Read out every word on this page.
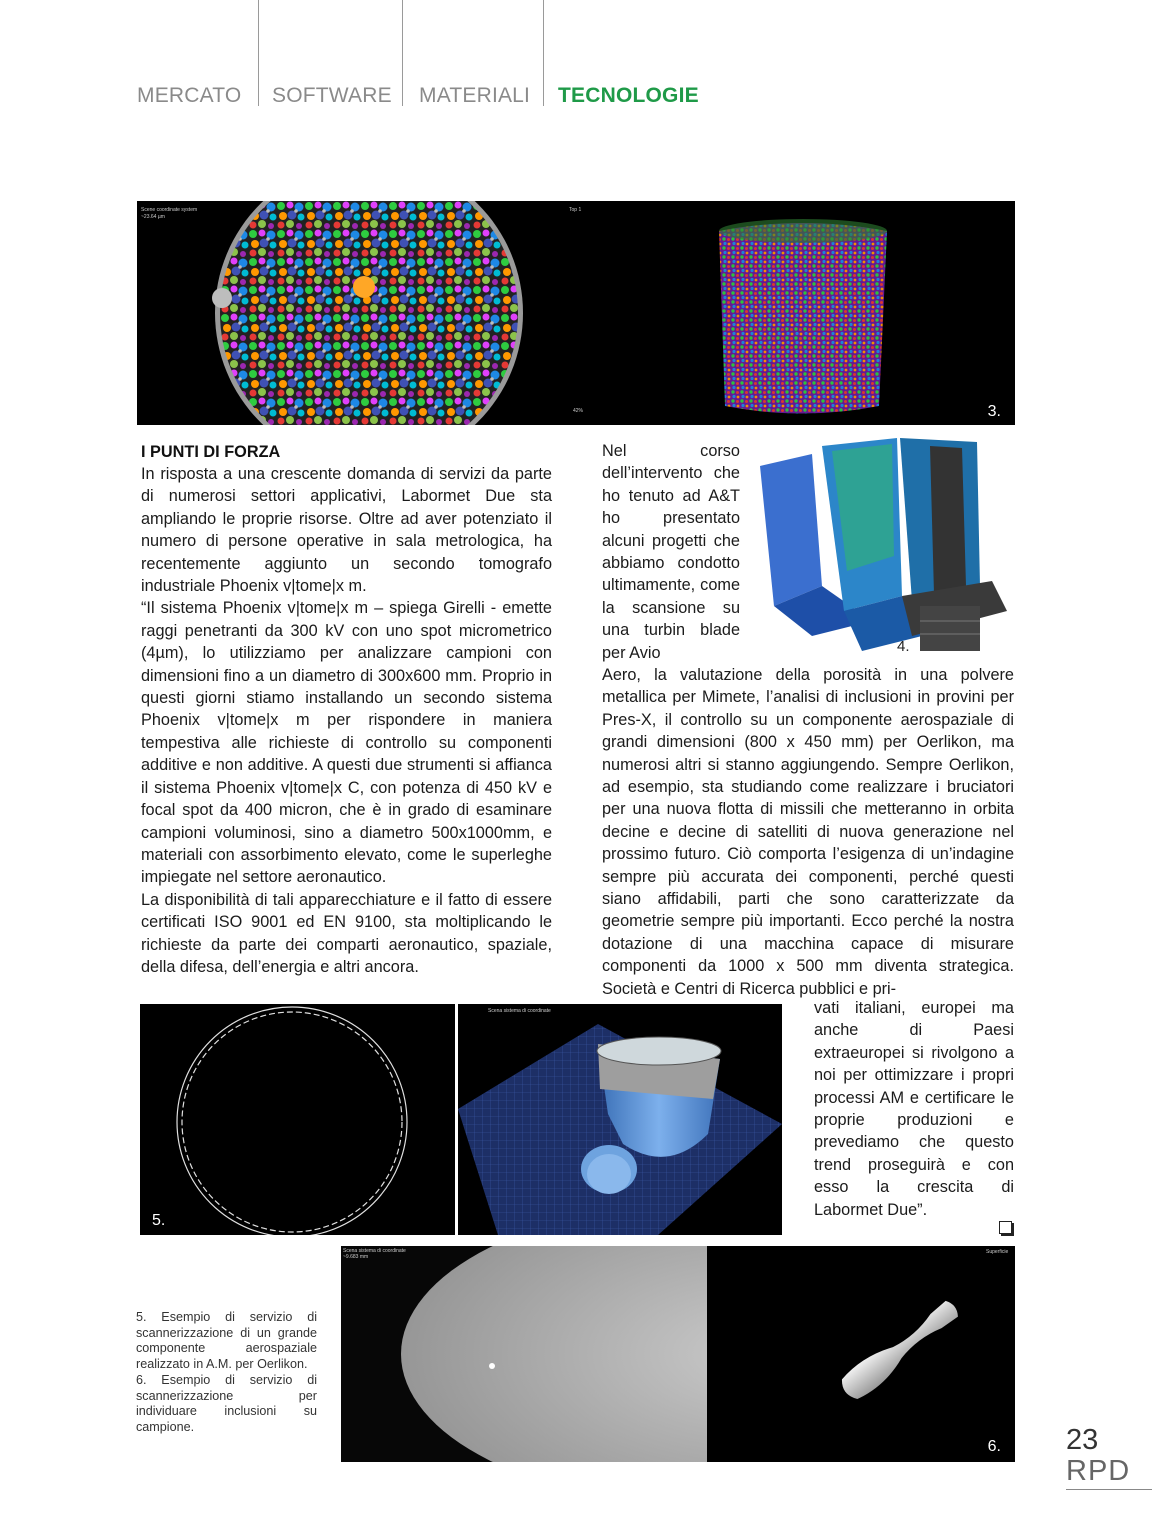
MERCATO SOFTWARE MATERIALI TECNOLOGIE
Scene coordinate system
~23.64 µm
Top 1
42%	3.
I PUNTI DI FORZA

In risposta a una crescente domanda di servizi da parte di numerosi settori applicativi, Labormet Due sta ampliando le proprie risorse. Oltre ad aver potenziato il numero di persone operative in sala metrologica, ha recentemente aggiunto un secondo tomografo industriale Phoenix v|tome|x m.

“Il sistema Phoenix v|tome|x m – spiega Girelli - emette raggi penetranti da 300 kV con uno spot micrometrico (4µm), lo utilizziamo per analizzare campioni con dimensioni fino a un diametro di 300x600 mm. Proprio in questi giorni stiamo installando un secondo sistema Phoenix v|tome|x m per rispondere in maniera tempestiva alle richieste di controllo su componenti additive e non additive. A questi due strumenti si affianca il sistema Phoenix v|tome|x C, con potenza di 450 kV e focal spot da 400 micron, che è in grado di esaminare campioni voluminosi, sino a diametro 500x1000mm, e materiali con assorbimento elevato, come le superleghe impiegate nel settore aeronautico.

La disponibilità di tali apparecchiature e il fatto di essere certificati ISO 9001 ed EN 9100, sta moltiplicando le richieste da parte dei comparti aeronautico, spaziale, della difesa, dell’energia e altri ancora.

Nel corso dell’intervento che ho tenuto ad A&T ho presentato alcuni progetti che abbiamo condotto ultimamente, come la scansione su una turbin blade per Avio	4.
Aero, la valutazione della porosità in una polvere metallica per Mimete, l’analisi di inclusioni in provini per Pres-X, il controllo su un componente aerospaziale di grandi dimensioni (800 x 450 mm) per Oerlikon, ma numerosi altri si stanno aggiungendo. Sempre Oerlikon, ad esempio, sta studiando come realizzare i bruciatori per una nuova flotta di missili che metteranno in orbita decine e decine di satelliti di nuova generazione nel prossimo futuro. Ciò comporta l’esigenza di un’indagine sempre più accurata dei componenti, perché questi siano affidabili, parti che sono caratterizzate da geometrie sempre più importanti. Ecco perché la nostra dotazione di una macchina capace di misurare componenti da 1000 x 500 mm diventa strategica. Società e Centri di Ricerca pubblici e pri-
5.
Scena sistema di coordinate	vati italiani, europei ma anche di Paesi extraeuropei si rivolgono a noi per ottimizzare i propri processi AM e certificare le proprie produzioni e prevediamo che questo trend proseguirà e con esso la crescita di Labormet Due”.

5. Esempio di servizio di scannerizzazione di un grande componente aerospaziale realizzato in A.M. per Oerlikon.

6. Esempio di servizio di scannerizzazione per individuare inclusioni su campione.

Scena sistema di coordinate
~9.683 mm
Superficie
6. 23
RPD
